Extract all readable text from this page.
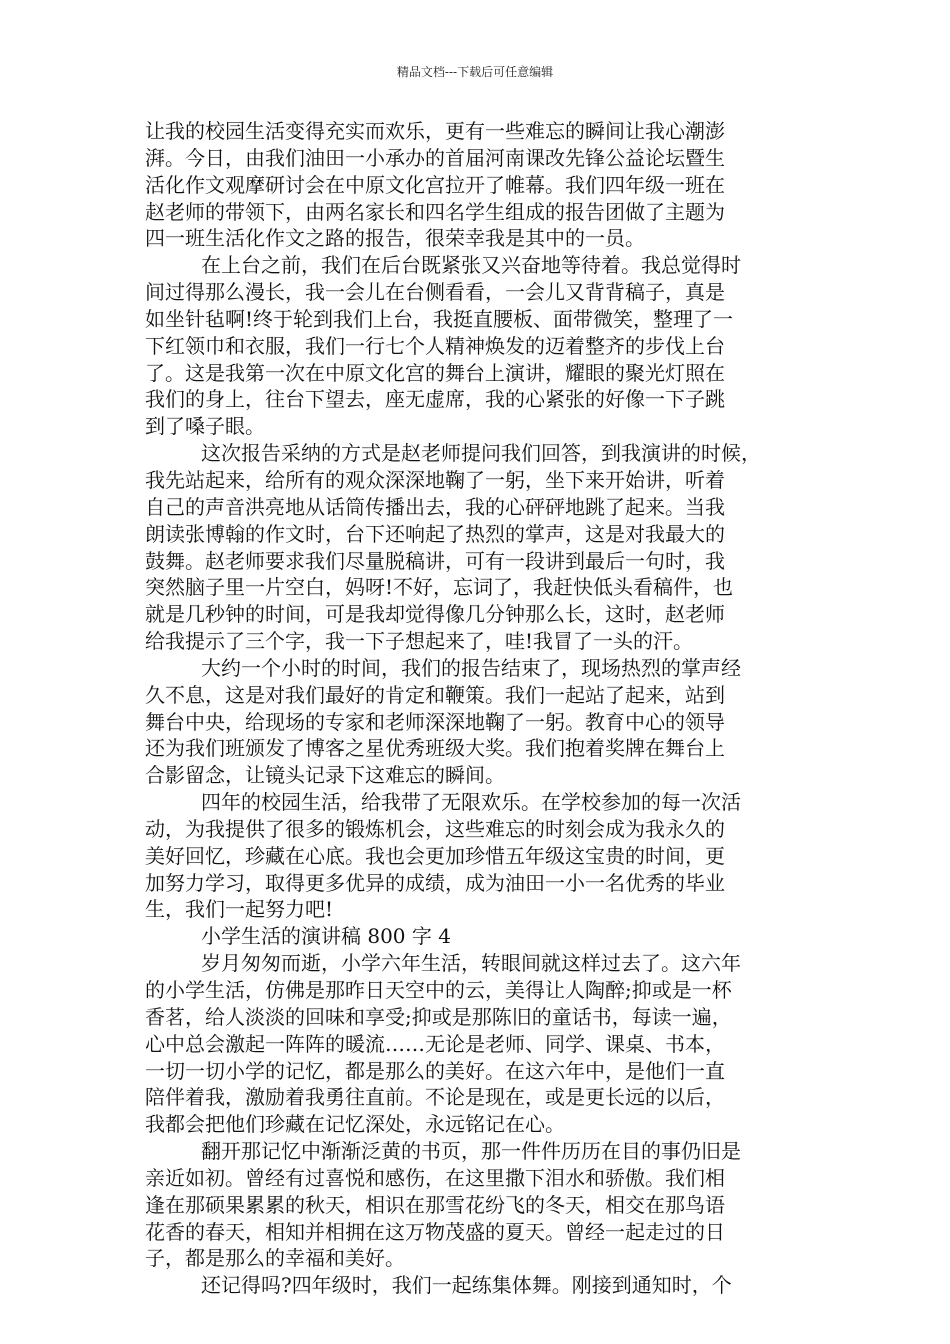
精品文档---下载后可任意编辑
让我的校园生活变得充实而欢乐，更有一些难忘的瞬间让我心潮澎
湃。今日，由我们油田一小承办的首届河南课改先锋公益论坛暨生
活化作文观摩研讨会在中原文化宫拉开了帷幕。我们四年级一班在
赵老师的带领下，由两名家长和四名学生组成的报告团做了主题为
四一班生活化作文之路的报告，很荣幸我是其中的一员。
在上台之前，我们在后台既紧张又兴奋地等待着。我总觉得时
间过得那么漫长，我一会儿在台侧看看，一会儿又背背稿子，真是
如坐针毡啊!终于轮到我们上台，我挺直腰板、面带微笑，整理了一
下红领巾和衣服，我们一行七个人精神焕发的迈着整齐的步伐上台
了。这是我第一次在中原文化宫的舞台上演讲，耀眼的聚光灯照在
我们的身上，往台下望去，座无虚席，我的心紧张的好像一下子跳
到了嗓子眼。
这次报告采纳的方式是赵老师提问我们回答，到我演讲的时候，
我先站起来，给所有的观众深深地鞠了一躬，坐下来开始讲，听着
自己的声音洪亮地从话筒传播出去，我的心砰砰地跳了起来。当我
朗读张博翰的作文时，台下还响起了热烈的掌声，这是对我最大的
鼓舞。赵老师要求我们尽量脱稿讲，可有一段讲到最后一句时，我
突然脑子里一片空白，妈呀!不好，忘词了，我赶快低头看稿件，也
就是几秒钟的时间，可是我却觉得像几分钟那么长，这时，赵老师
给我提示了三个字，我一下子想起来了，哇!我冒了一头的汗。
大约一个小时的时间，我们的报告结束了，现场热烈的掌声经
久不息，这是对我们最好的肯定和鞭策。我们一起站了起来，站到
舞台中央，给现场的专家和老师深深地鞠了一躬。教育中心的领导
还为我们班颁发了博客之星优秀班级大奖。我们抱着奖牌在舞台上
合影留念，让镜头记录下这难忘的瞬间。
四年的校园生活，给我带了无限欢乐。在学校参加的每一次活
动，为我提供了很多的锻炼机会，这些难忘的时刻会成为我永久的
美好回忆，珍藏在心底。我也会更加珍惜五年级这宝贵的时间，更
加努力学习，取得更多优异的成绩，成为油田一小一名优秀的毕业
生，我们一起努力吧!
小学生活的演讲稿 800 字 4
岁月匆匆而逝，小学六年生活，转眼间就这样过去了。这六年
的小学生活，仿佛是那昨日天空中的云，美得让人陶醉;抑或是一杯
香茗，给人淡淡的回味和享受;抑或是那陈旧的童话书，每读一遍，
心中总会激起一阵阵的暖流……无论是老师、同学、课桌、书本，
一切一切小学的记忆，都是那么的美好。在这六年中，是他们一直
陪伴着我，激励着我勇往直前。不论是现在，或是更长远的以后，
我都会把他们珍藏在记忆深处，永远铭记在心。
翻开那记忆中渐渐泛黄的书页，那一件件历历在目的事仍旧是
亲近如初。曾经有过喜悦和感伤，在这里撒下泪水和骄傲。我们相
逢在那硕果累累的秋天，相识在那雪花纷飞的冬天，相交在那鸟语
花香的春天，相知并相拥在这万物茂盛的夏天。曾经一起走过的日
子，都是那么的幸福和美好。
还记得吗?四年级时，我们一起练集体舞。刚接到通知时，个
